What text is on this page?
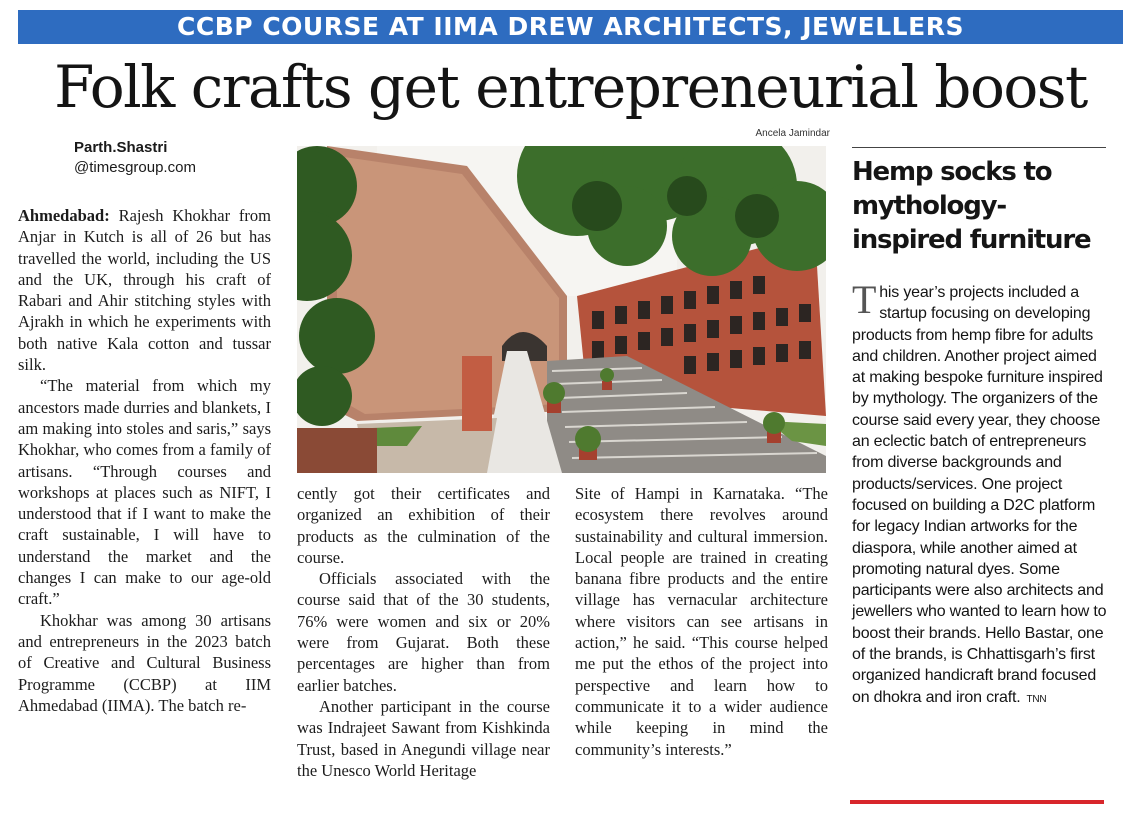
CCBP COURSE AT IIMA DREW ARCHITECTS, JEWELLERS
Folk crafts get entrepreneurial boost
Parth.Shastri
@timesgroup.com
Ancela Jamindar

Ahmedabad: Rajesh Khokhar from Anjar in Kutch is all of 26 but has travelled the world, including the US and the UK, through his craft of Rabari and Ahir stitching styles with Ajrakh in which he experiments with both native Kala cotton and tussar silk.

“The material from which my ancestors made durries and blankets, I am making into stoles and saris,” says Khokhar, who comes from a family of artisans. “Through courses and workshops at places such as NIFT, I understood that if I want to make the craft sustainable, I will have to understand the market and the changes I can make to our age-old craft.”

Khokhar was among 30 artisans and entrepreneurs in the 2023 batch of Creative and Cultural Business Programme (CCBP) at IIM Ahmedabad (IIMA). The batch re-

cently got their certificates and organized an exhibition of their products as the culmination of the course.

Officials associated with the course said that of the 30 students, 76% were women and six or 20% were from Gujarat. Both these percentages are higher than from earlier batches.

Another participant in the course was Indrajeet Sawant from Kishkinda Trust, based in Anegundi village near the Unesco World Heritage

Site of Hampi in Karnataka. “The ecosystem there revolves around sustainability and cultural immersion. Local people are trained in creating banana fibre products and the entire village has vernacular architecture where visitors can see artisans in action,” he said. “This course helped me put the ethos of the project into perspective and learn how to communicate it to a wider audience while keeping in mind the community’s interests.”

Hemp socks to mythology-inspired furniture
This year’s projects included a startup focusing on developing products from hemp fibre for adults and children. Another project aimed at making bespoke furniture inspired by mythology. The organizers of the course said every year, they choose an eclectic batch of entrepreneurs from diverse backgrounds and products/services. One project focused on building a D2C platform for legacy Indian artworks for the diaspora, while another aimed at promoting natural dyes. Some participants were also architects and jewellers who wanted to learn how to boost their brands. Hello Bastar, one of the brands, is Chhattisgarh’s first organized handicraft brand focused on dhokra and iron craft. TNN
